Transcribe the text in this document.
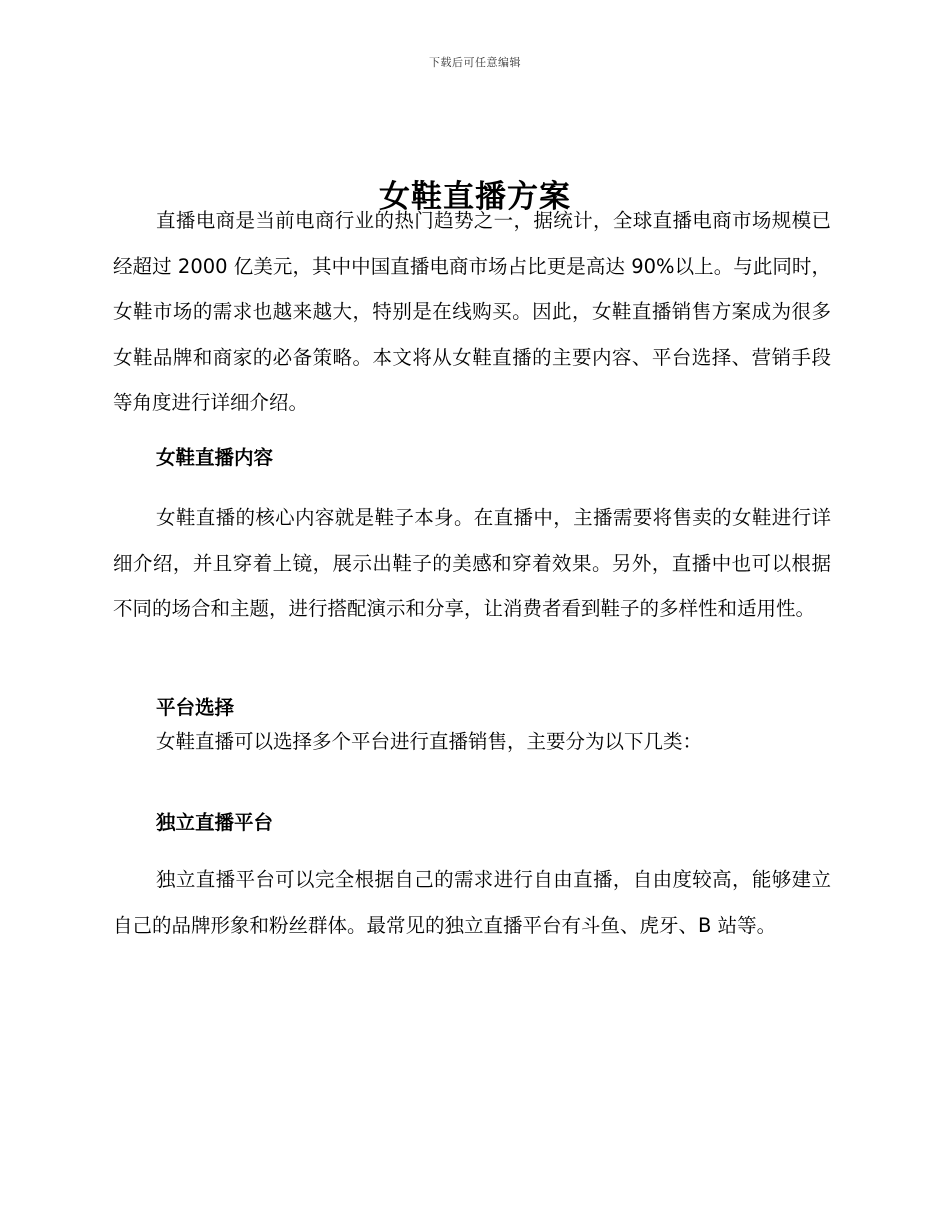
下载后可任意编辑
女鞋直播方案

直播电商是当前电商行业的热门趋势之一，据统计，全球直播电商市场规模已经超过 2000 亿美元，其中中国直播电商市场占比更是高达 90%以上。与此同时，女鞋市场的需求也越来越大，特别是在线购买。因此，女鞋直播销售方案成为很多女鞋品牌和商家的必备策略。本文将从女鞋直播的主要内容、平台选择、营销手段等角度进行详细介绍。

女鞋直播内容

女鞋直播的核心内容就是鞋子本身。在直播中，主播需要将售卖的女鞋进行详细介绍，并且穿着上镜，展示出鞋子的美感和穿着效果。另外，直播中也可以根据不同的场合和主题，进行搭配演示和分享，让消费者看到鞋子的多样性和适用性。

平台选择

女鞋直播可以选择多个平台进行直播销售，主要分为以下几类：

独立直播平台

独立直播平台可以完全根据自己的需求进行自由直播，自由度较高，能够建立自己的品牌形象和粉丝群体。最常见的独立直播平台有斗鱼、虎牙、B 站等。
